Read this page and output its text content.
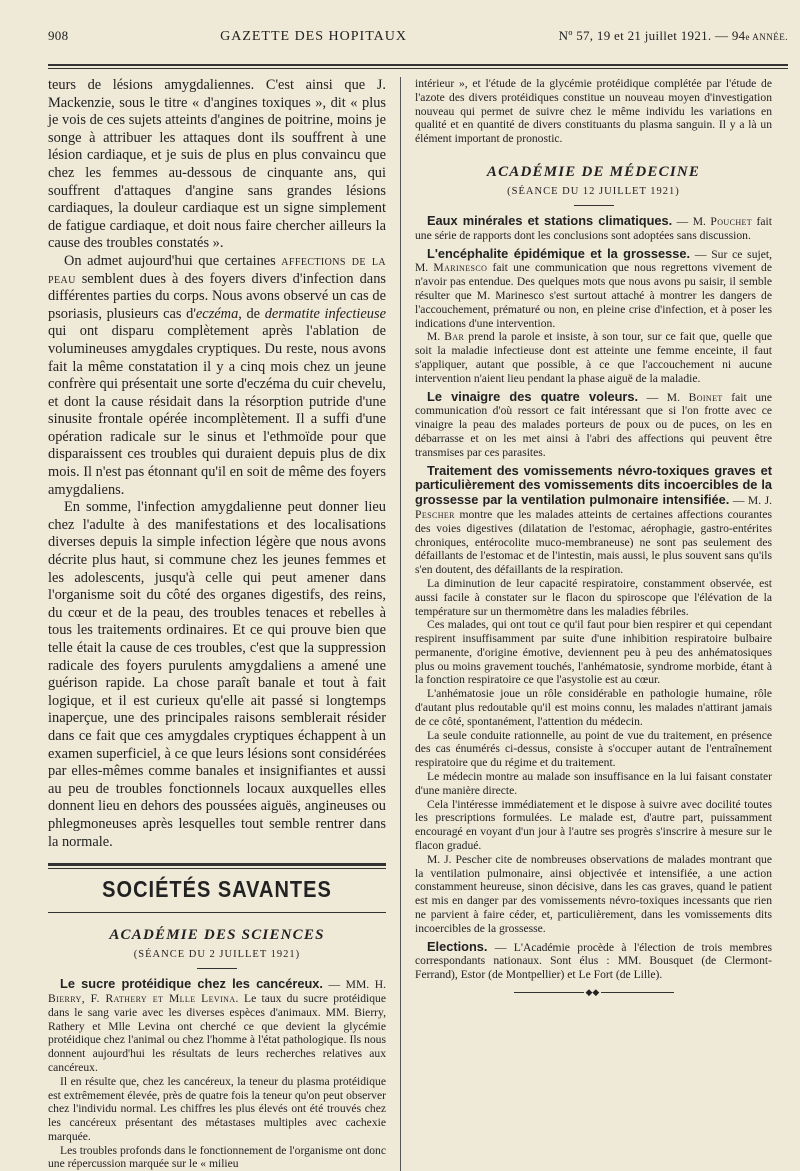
908	GAZETTE DES HOPITAUX	Nº 57, 19 et 21 juillet 1921. — 94e ANNÉE.

teurs de lésions amygdaliennes. C'est ainsi que J. Mackenzie, sous le titre « d'angines toxiques », dit « plus je vois de ces sujets atteints d'angines de poitrine, moins je songe à attribuer les attaques dont ils souffrent à une lésion cardiaque, et je suis de plus en plus convaincu que chez les femmes au-dessous de cinquante ans, qui souffrent d'attaques d'angine sans grandes lésions cardiaques, la douleur cardiaque est un signe simplement de fatigue cardiaque, et doit nous faire chercher ailleurs la cause des troubles constatés ».

On admet aujourd'hui que certaines affections de la peau semblent dues à des foyers divers d'infection dans différentes parties du corps. Nous avons observé un cas de psoriasis, plusieurs cas d'eczéma, de dermatite infectieuse qui ont disparu complètement après l'ablation de volumineuses amygdales cryptiques. Du reste, nous avons fait la même constatation il y a cinq mois chez un jeune confrère qui présentait une sorte d'eczéma du cuir chevelu, et dont la cause résidait dans la résorption putride d'une sinusite frontale opérée incomplètement. Il a suffi d'une opération radicale sur le sinus et l'ethmoïde pour que disparaissent ces troubles qui duraient depuis plus de dix mois. Il n'est pas étonnant qu'il en soit de même des foyers amygdaliens.

En somme, l'infection amygdalienne peut donner lieu chez l'adulte à des manifestations et des localisations diverses depuis la simple infection légère que nous avons décrite plus haut, si commune chez les jeunes femmes et les adolescents, jusqu'à celle qui peut amener dans l'organisme soit du côté des organes digestifs, des reins, du cœur et de la peau, des troubles tenaces et rebelles à tous les traitements ordinaires. Et ce qui prouve bien que telle était la cause de ces troubles, c'est que la suppression radicale des foyers purulents amygdaliens a amené une guérison rapide. La chose paraît banale et tout à fait logique, et il est curieux qu'elle ait passé si longtemps inaperçue, une des principales raisons semblerait résider dans ce fait que ces amygdales cryptiques échappent à un examen superficiel, à ce que leurs lésions sont considérées par elles-mêmes comme banales et insignifiantes et aussi au peu de troubles fonctionnels locaux auxquelles elles donnent lieu en dehors des poussées aiguës, angineuses ou phlegmoneuses après lesquelles tout semble rentrer dans la normale.

SOCIÉTÉS SAVANTES
ACADÉMIE DES SCIENCES
(SÉANCE DU 2 JUILLET 1921)

Le sucre protéidique chez les cancéreux. — MM. H. Bierry, F. Rathery et Mlle Levina. Le taux du sucre protéidique dans le sang varie avec les diverses espèces d'animaux. MM. Bierry, Rathery et Mlle Levina ont cherché ce que devient la glycémie protéidique chez l'animal ou chez l'homme à l'état pathologique. Ils nous donnent aujourd'hui les résultats de leurs recherches relatives aux cancéreux.

Il en résulte que, chez les cancéreux, la teneur du plasma protéidique est extrêmement élevée, près de quatre fois la teneur qu'on peut observer chez l'individu normal. Les chiffres les plus élevés ont été trouvés chez les cancéreux présentant des métastases multiples avec cachexie marquée.

Les troubles profonds dans le fonctionnement de l'organisme ont donc une répercussion marquée sur le « milieu

intérieur », et l'étude de la glycémie protéidique complétée par l'étude de l'azote des divers protéidiques constitue un nouveau moyen d'investigation nouveau qui permet de suivre chez le même individu les variations en qualité et en quantité de divers constituants du plasma sanguin. Il y a là un élément important de pronostic.

ACADÉMIE DE MÉDECINE
(SÉANCE DU 12 JUILLET 1921)

Eaux minérales et stations climatiques. — M. Pouchet fait une série de rapports dont les conclusions sont adoptées sans discussion.

L'encéphalite épidémique et la grossesse. — Sur ce sujet, M. Marinesco fait une communication que nous regrettons vivement de n'avoir pas entendue. Des quelques mots que nous avons pu saisir, il semble résulter que M. Marinesco s'est surtout attaché à montrer les dangers de l'accouchement, prématuré ou non, en pleine crise d'infection, et à poser les indications d'une intervention.

M. Bar prend la parole et insiste, à son tour, sur ce fait que, quelle que soit la maladie infectieuse dont est atteinte une femme enceinte, il faut s'appliquer, autant que possible, à ce que l'accouchement ni aucune intervention n'aient lieu pendant la phase aiguë de la maladie.

Le vinaigre des quatre voleurs. — M. Boinet fait une communication d'où ressort ce fait intéressant que si l'on frotte avec ce vinaigre la peau des malades porteurs de poux ou de puces, on les en débarrasse et on les met ainsi à l'abri des affections qui peuvent être transmises par ces parasites.

Traitement des vomissements névro-toxiques graves et particulièrement des vomissements dits incoercibles de la grossesse par la ventilation pulmonaire intensifiée. — M. J. Pescher montre que les malades atteints de certaines affections courantes des voies digestives (dilatation de l'estomac, aérophagie, gastro-entérites chroniques, entérocolite muco-membraneuse) ne sont pas seulement des défaillants de l'estomac et de l'intestin, mais aussi, le plus souvent sans qu'ils s'en doutent, des défaillants de la respiration.

La diminution de leur capacité respiratoire, constamment observée, est aussi facile à constater sur le flacon du spiroscope que l'élévation de la température sur un thermomètre dans les maladies fébriles.

Ces malades, qui ont tout ce qu'il faut pour bien respirer et qui cependant respirent insuffisamment par suite d'une inhibition respiratoire bulbaire permanente, d'origine émotive, deviennent peu à peu des anhématosiques plus ou moins gravement touchés, l'anhématosie, syndrome morbide, étant à la fonction respiratoire ce que l'asystolie est au cœur.

L'anhématosie joue un rôle considérable en pathologie humaine, rôle d'autant plus redoutable qu'il est moins connu, les malades n'attirant jamais de ce côté, spontanément, l'attention du médecin.

La seule conduite rationnelle, au point de vue du traitement, en présence des cas énumérés ci-dessus, consiste à s'occuper autant de l'entraînement respiratoire que du régime et du traitement.

Le médecin montre au malade son insuffisance en la lui faisant constater d'une manière directe.

Cela l'intéresse immédiatement et le dispose à suivre avec docilité toutes les prescriptions formulées. Le malade est, d'autre part, puissamment encouragé en voyant d'un jour à l'autre ses progrès s'inscrire à mesure sur le flacon gradué.

M. J. Pescher cite de nombreuses observations de malades montrant que la ventilation pulmonaire, ainsi objectivée et intensifiée, a une action constamment heureuse, sinon décisive, dans les cas graves, quand le patient est mis en danger par des vomissements névro-toxiques incessants que rien ne parvient à faire céder, et, particulièrement, dans les vomissements dits incoercibles de la grossesse.

Elections. — L'Académie procède à l'élection de trois membres correspondants nationaux. Sont élus : MM. Bousquet (de Clermont-Ferrand), Estor (de Montpellier) et Le Fort (de Lille).

◆◆
